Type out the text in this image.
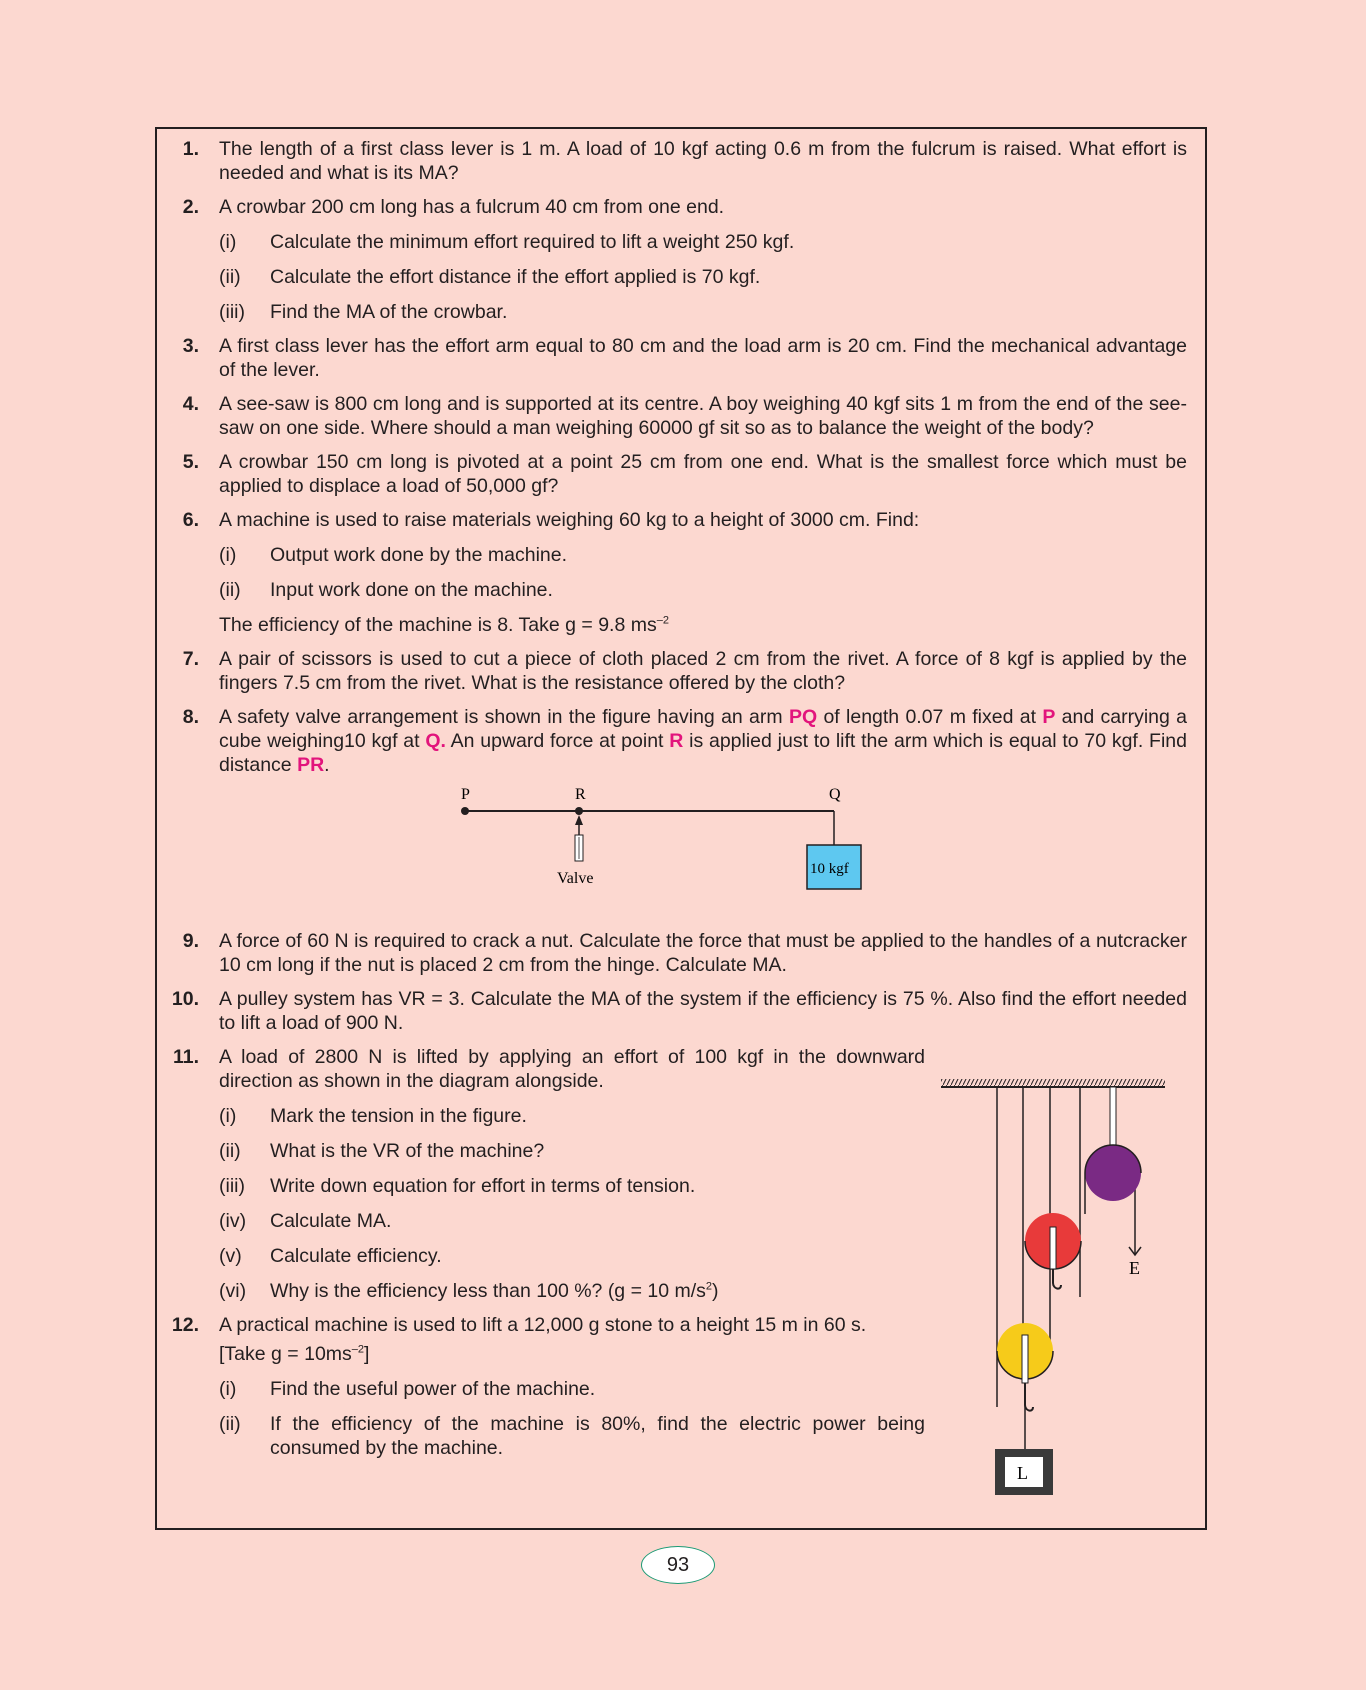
1. The length of a first class lever is 1 m. A load of 10 kgf acting 0.6 m from the fulcrum is raised. What effort is needed and what is its MA?
2. A crowbar 200 cm long has a fulcrum 40 cm from one end.
(i) Calculate the minimum effort required to lift a weight 250 kgf.
(ii) Calculate the effort distance if the effort applied is 70 kgf.
(iii) Find the MA of the crowbar.
3. A first class lever has the effort arm equal to 80 cm and the load arm is 20 cm. Find the mechanical advantage of the lever.
4. A see-saw is 800 cm long and is supported at its centre. A boy weighing 40 kgf sits 1 m from the end of the see-saw on one side. Where should a man weighing 60000 gf sit so as to balance the weight of the body?
5. A crowbar 150 cm long is pivoted at a point 25 cm from one end. What is the smallest force which must be applied to displace a load of 50,000 gf?
6. A machine is used to raise materials weighing 60 kg to a height of 3000 cm. Find:
(i) Output work done by the machine.
(ii) Input work done on the machine.
The efficiency of the machine is 8. Take g = 9.8 $ms^{-2}$
7. A pair of scissors is used to cut a piece of cloth placed 2 cm from the rivet. A force of 8 kgf is applied by the fingers 7.5 cm from the rivet. What is the resistance offered by the cloth?
8. A safety valve arrangement is shown in the figure having an arm PQ of length 0.07 m fixed at P and carrying a cube weighing10 kgf at Q. An upward force at point R is applied just to lift the arm which is equal to 70 kgf. Find distance PR.
P	R	Q
Valve
10 kgf
9. A force of 60 N is required to crack a nut. Calculate the force that must be applied to the handles of a nutcracker 10 cm long if the nut is placed 2 cm from the hinge. Calculate MA.
10. A pulley system has VR = 3. Calculate the MA of the system if the efficiency is 75 %. Also find the effort needed to lift a load of 900 N.
11. A load of 2800 N is lifted by applying an effort of 100 kgf in the downward direction as shown in the diagram alongside.
(i) Mark the tension in the figure.
(ii) What is the VR of the machine?
(iii) Write down equation for effort in terms of tension.
(iv) Calculate MA.
(v) Calculate efficiency.
(vi) Why is the efficiency less than 100 %? (g = 10 $m/s^2$)
12. A practical machine is used to lift a 12,000 g stone to a height 15 m in 60 s.
[Take $g = 10ms^{-2}$]
(i) Find the useful power of the machine.
(ii) If the efficiency of the machine is 80%, find the electric power being consumed by the machine.
E
L
93
